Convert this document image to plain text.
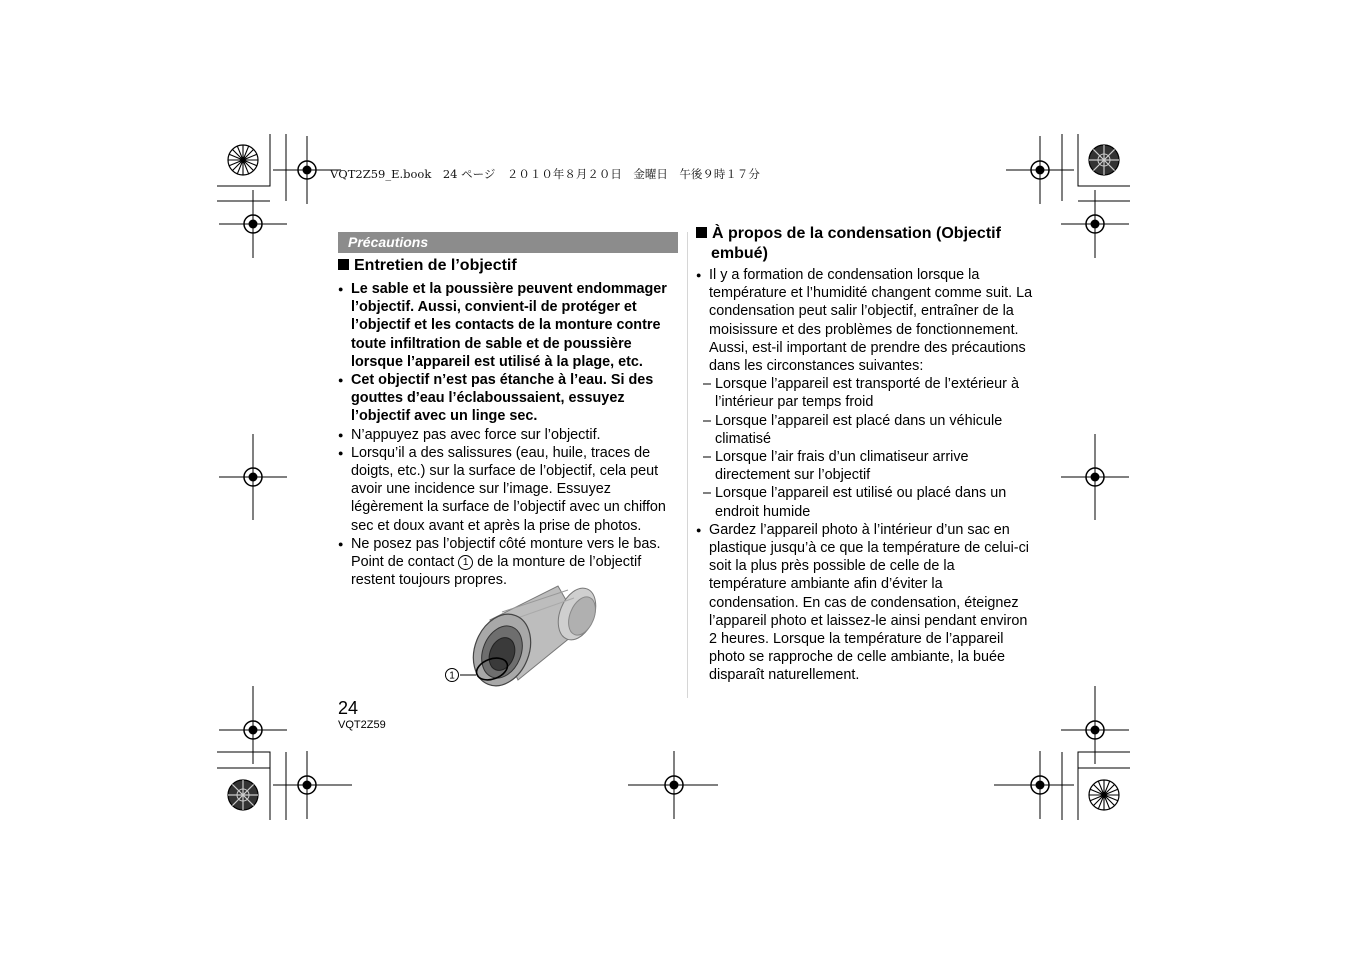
VQT2Z59_E.book　24 ページ　２０１０年８月２０日　金曜日　午後９時１７分
Précautions
Entretien de l’objectif
● Le sable et la poussière peuvent endommager l’objectif. Aussi, convient-il de protéger et l’objectif et les contacts de la monture contre toute infiltration de sable et de poussière lorsque l’appareil est utilisé à la plage, etc.
● Cet objectif n’est pas étanche à l’eau. Si des gouttes d’eau l’éclaboussaient, essuyez l’objectif avec un linge sec.
● N’appuyez pas avec force sur l’objectif.
● Lorsqu’il a des salissures (eau, huile, traces de doigts, etc.) sur la surface de l’objectif, cela peut avoir une incidence sur l’image. Essuyez légèrement la surface de l’objectif avec un chiffon sec et doux avant et après la prise de photos.
● Ne posez pas l’objectif côté monture vers le bas. Point de contact 1 de la monture de l’objectif restent toujours propres.
1
À propos de la condensation (Objectif embué)
● Il y a formation de condensation lorsque la température et l’humidité changent comme suit. La condensation peut salir l’objectif, entraîner de la moisissure et des problèmes de fonctionnement. Aussi, est-il important de prendre des précautions dans les circonstances suivantes:
– Lorsque l’appareil est transporté de l’extérieur à l’intérieur par temps froid
– Lorsque l’appareil est placé dans un véhicule climatisé
– Lorsque l’air frais d’un climatiseur arrive directement sur l’objectif
– Lorsque l’appareil est utilisé ou placé dans un endroit humide
● Gardez l’appareil photo à l’intérieur d’un sac en plastique jusqu’à ce que la température de celui-ci soit la plus près possible de celle de la température ambiante afin d’éviter la condensation. En cas de condensation, éteignez l’appareil photo et laissez-le ainsi pendant environ 2 heures. Lorsque la température de l’appareil photo se rapproche de celle ambiante, la buée disparaît naturellement.
24
VQT2Z59
